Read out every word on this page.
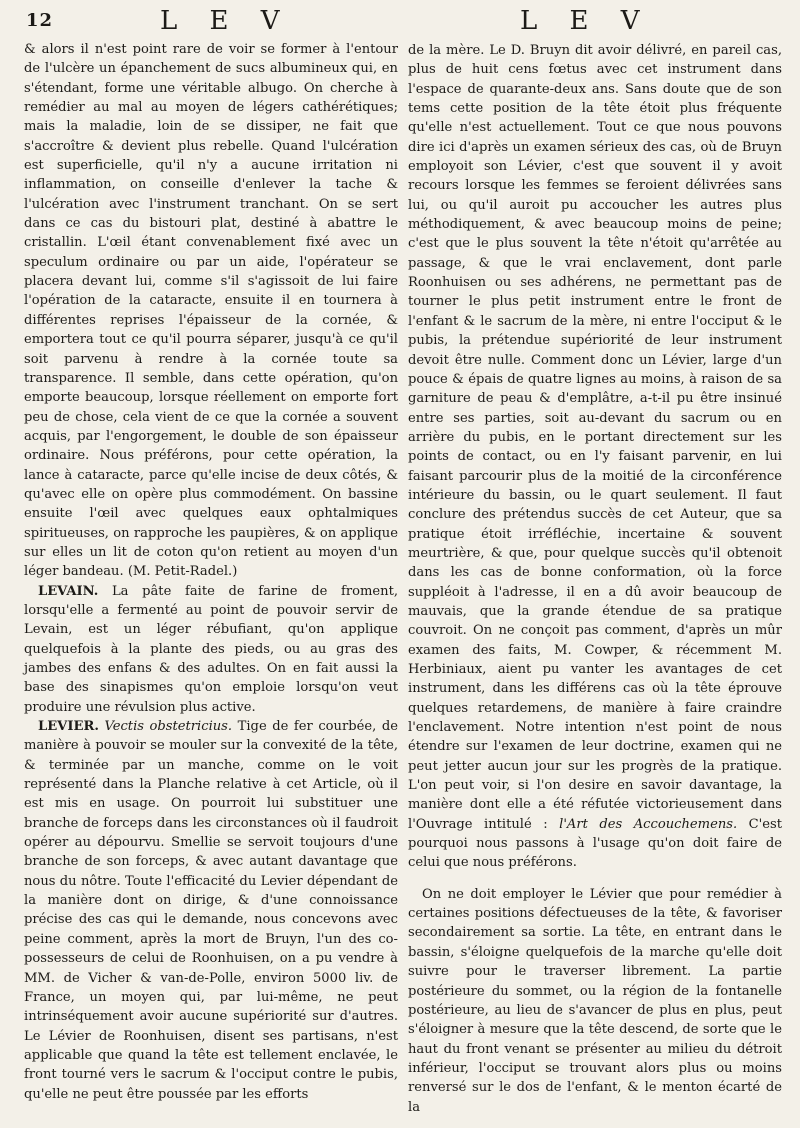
12	L E V	L E V

& alors il n'est point rare de voir se former à l'entour de l'ulcère un épanchement de sucs albumineux qui, en s'étendant, forme une véritable albugo. On cherche à remédier au mal au moyen de légers cathérétiques; mais la maladie, loin de se dissiper, ne fait que s'accroître & devient plus rebelle. Quand l'ulcération est superficielle, qu'il n'y a aucune irritation ni inflammation, on conseille d'enlever la tache & l'ulcération avec l'instrument tranchant. On se sert dans ce cas du bistouri plat, destiné à abattre le cristallin. L'œil étant convenablement fixé avec un speculum ordinaire ou par un aide, l'opérateur se placera devant lui, comme s'il s'agissoit de lui faire l'opération de la cataracte, ensuite il en tournera à différentes reprises l'épaisseur de la cornée, & emportera tout ce qu'il pourra séparer, jusqu'à ce qu'il soit parvenu à rendre à la cornée toute sa transparence. Il semble, dans cette opération, qu'on emporte beaucoup, lorsque réellement on emporte fort peu de chose, cela vient de ce que la cornée a souvent acquis, par l'engorgement, le double de son épaisseur ordinaire. Nous préférons, pour cette opération, la lance à cataracte, parce qu'elle incise de deux côtés, & qu'avec elle on opère plus commodément. On bassine ensuite l'œil avec quelques eaux ophtalmiques spiritueuses, on rapproche les paupières, & on applique sur elles un lit de coton qu'on retient au moyen d'un léger bandeau. (M. Petit-Radel.)

LEVAIN. La pâte faite de farine de froment, lorsqu'elle a fermenté au point de pouvoir servir de Levain, est un léger rébufiant, qu'on applique quelquefois à la plante des pieds, ou au gras des jambes des enfans & des adultes. On en fait aussi la base des sinapismes qu'on emploie lorsqu'on veut produire une révulsion plus active.

LEVIER. Vectis obstetricius. Tige de fer courbée, de manière à pouvoir se mouler sur la convexité de la tête, & terminée par un manche, comme on le voit représenté dans la Planche relative à cet Article, où il est mis en usage. On pourroit lui substituer une branche de forceps dans les circonstances où il faudroit opérer au dépourvu. Smellie se servoit toujours d'une branche de son forceps, & avec autant davantage que nous du nôtre. Toute l'efficacité du Levier dépendant de la manière dont on dirige, & d'une connoissance précise des cas qui le demande, nous concevons avec peine comment, après la mort de Bruyn, l'un des co-possesseurs de celui de Roonhuisen, on a pu vendre à MM. de Vicher & van-de-Polle, environ 5000 liv. de France, un moyen qui, par lui-même, ne peut intrinséquement avoir aucune supériorité sur d'autres. Le Lévier de Roonhuisen, disent ses partisans, n'est applicable que quand la tête est tellement enclavée, le front tourné vers le sacrum & l'occiput contre le pubis, qu'elle ne peut être poussée par les efforts

de la mère. Le D. Bruyn dit avoir délivré, en pareil cas, plus de huit cens fœtus avec cet instrument dans l'espace de quarante-deux ans. Sans doute que de son tems cette position de la tête étoit plus fréquente qu'elle n'est actuellement. Tout ce que nous pouvons dire ici d'après un examen sérieux des cas, où de Bruyn employoit son Lévier, c'est que souvent il y avoit recours lorsque les femmes se feroient délivrées sans lui, ou qu'il auroit pu accoucher les autres plus méthodiquement, & avec beaucoup moins de peine; c'est que le plus souvent la tête n'étoit qu'arrêtée au passage, & que le vrai enclavement, dont parle Roonhuisen ou ses adhérens, ne permettant pas de tourner le plus petit instrument entre le front de l'enfant & le sacrum de la mère, ni entre l'occiput & le pubis, la prétendue supériorité de leur instrument devoit être nulle. Comment donc un Lévier, large d'un pouce & épais de quatre lignes au moins, à raison de sa garniture de peau & d'emplâtre, a-t-il pu être insinué entre ses parties, soit au-devant du sacrum ou en arrière du pubis, en le portant directement sur les points de contact, ou en l'y faisant parvenir, en lui faisant parcourir plus de la moitié de la circonférence intérieure du bassin, ou le quart seulement. Il faut conclure des prétendus succès de cet Auteur, que sa pratique étoit irréfléchie, incertaine & souvent meurtrière, & que, pour quelque succès qu'il obtenoit dans les cas de bonne conformation, où la force suppléoit à l'adresse, il en a dû avoir beaucoup de mauvais, que la grande étendue de sa pratique couvroit. On ne conçoit pas comment, d'après un mûr examen des faits, M. Cowper, & récemment M. Herbiniaux, aient pu vanter les avantages de cet instrument, dans les différens cas où la tête éprouve quelques retardemens, de manière à faire craindre l'enclavement. Notre intention n'est point de nous étendre sur l'examen de leur doctrine, examen qui ne peut jetter aucun jour sur les progrès de la pratique. L'on peut voir, si l'on desire en savoir davantage, la manière dont elle a été réfutée victorieusement dans l'Ouvrage intitulé : l'Art des Accouchemens. C'est pourquoi nous passons à l'usage qu'on doit faire de celui que nous préférons.

On ne doit employer le Lévier que pour remédier à certaines positions défectueuses de la tête, & favoriser secondairement sa sortie. La tête, en entrant dans le bassin, s'éloigne quelquefois de la marche qu'elle doit suivre pour le traverser librement. La partie postérieure du sommet, ou la région de la fontanelle postérieure, au lieu de s'avancer de plus en plus, peut s'éloigner à mesure que la tête descend, de sorte que le haut du front venant se présenter au milieu du détroit inférieur, l'occiput se trouvant alors plus ou moins renversé sur le dos de l'enfant, & le menton écarté de la
